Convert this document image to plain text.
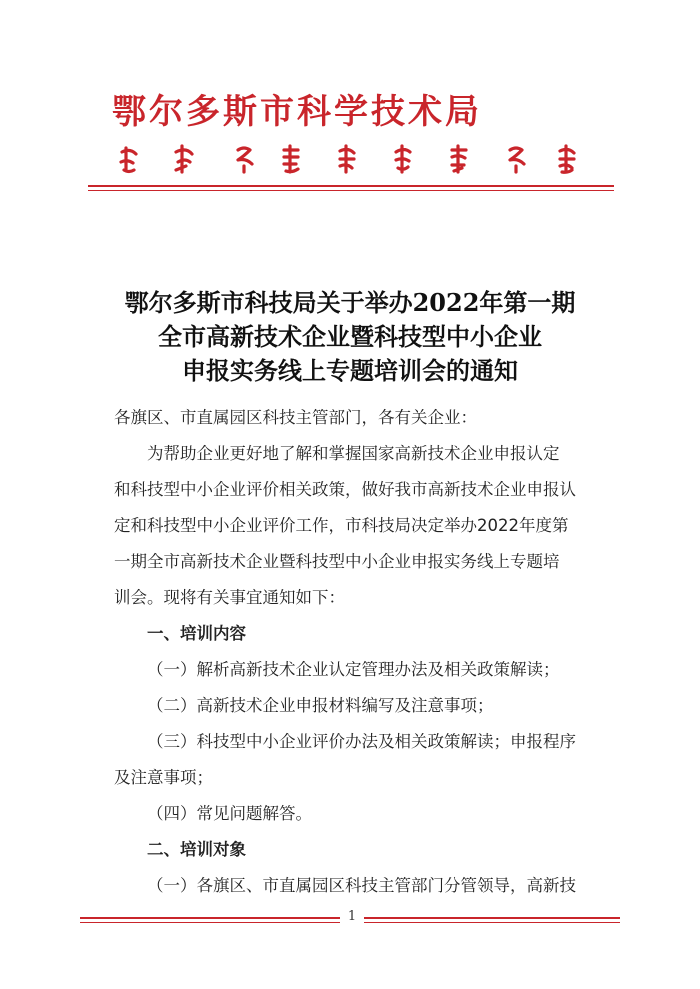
鄂尔多斯市科学技术局
鄂尔多斯市科技局关于举办2022年第一期
全市高新技术企业暨科技型中小企业
申报实务线上专题培训会的通知
各旗区、市直属园区科技主管部门，各有关企业：
为帮助企业更好地了解和掌握国家高新技术企业申报认定
和科技型中小企业评价相关政策，做好我市高新技术企业申报认
定和科技型中小企业评价工作，市科技局决定举办2022年度第
一期全市高新技术企业暨科技型中小企业申报实务线上专题培
训会。现将有关事宜通知如下：
一、培训内容
（一）解析高新技术企业认定管理办法及相关政策解读；
（二）高新技术企业申报材料编写及注意事项；
（三）科技型中小企业评价办法及相关政策解读；申报程序
及注意事项；
（四）常见问题解答。
二、培训对象
（一）各旗区、市直属园区科技主管部门分管领导，高新技
1
